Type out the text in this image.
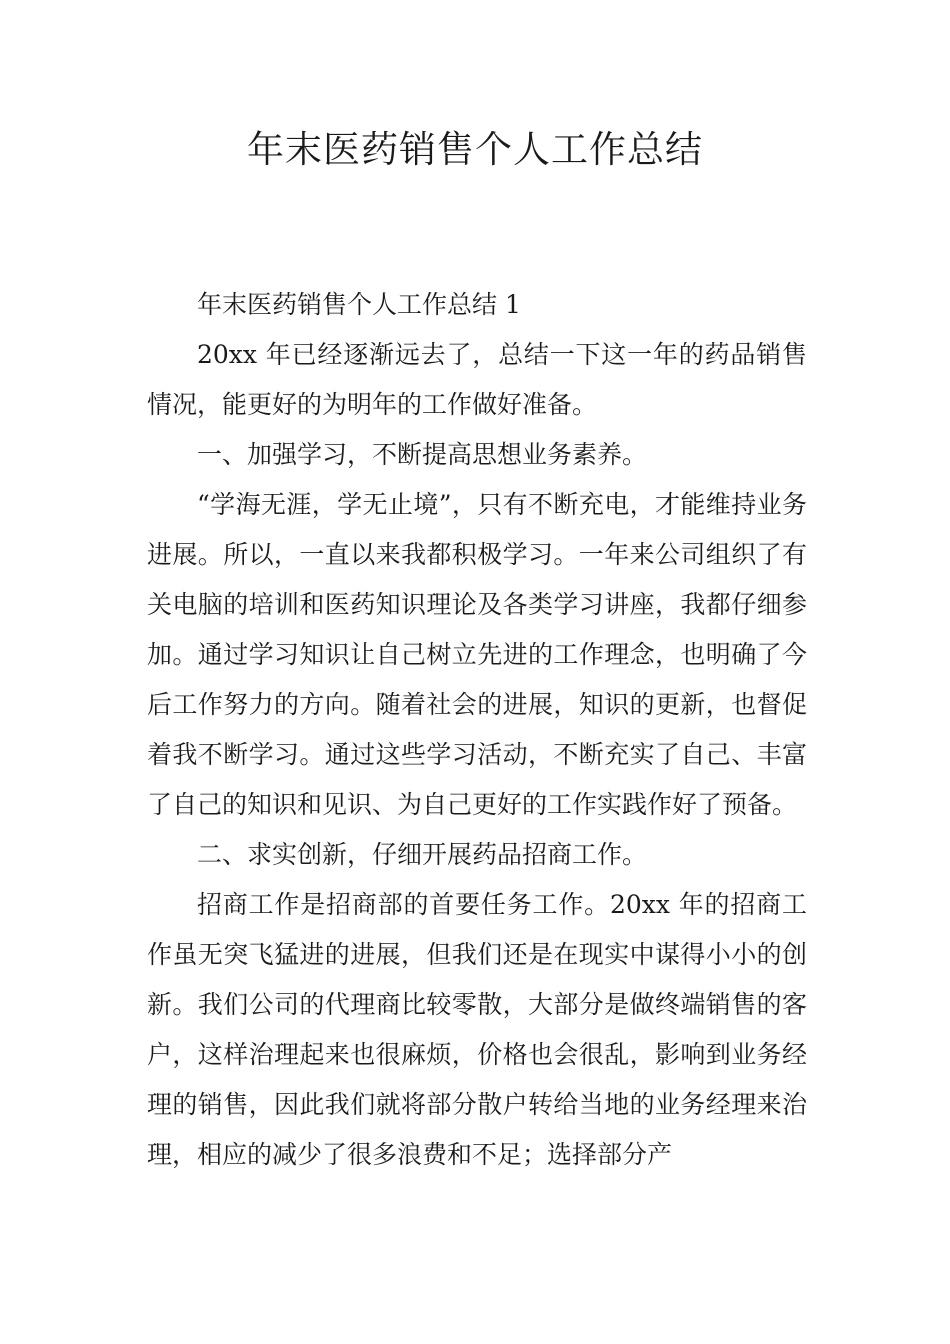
年末医药销售个人工作总结

年末医药销售个人工作总结 1

20xx 年已经逐渐远去了，总结一下这一年的药品销售情况，能更好的为明年的工作做好准备。

一、加强学习，不断提高思想业务素养。

“学海无涯，学无止境”，只有不断充电，才能维持业务进展。所以，一直以来我都积极学习。一年来公司组织了有关电脑的培训和医药知识理论及各类学习讲座，我都仔细参加。通过学习知识让自己树立先进的工作理念，也明确了今后工作努力的方向。随着社会的进展，知识的更新，也督促着我不断学习。通过这些学习活动，不断充实了自己、丰富了自己的知识和见识、为自己更好的工作实践作好了预备。

二、求实创新，仔细开展药品招商工作。

招商工作是招商部的首要任务工作。20xx 年的招商工作虽无突飞猛进的进展，但我们还是在现实中谋得小小的创新。我们公司的代理商比较零散，大部分是做终端销售的客户，这样治理起来也很麻烦，价格也会很乱，影响到业务经理的销售，因此我们就将部分散户转给当地的业务经理来治理，相应的减少了很多浪费和不足；选择部分产
